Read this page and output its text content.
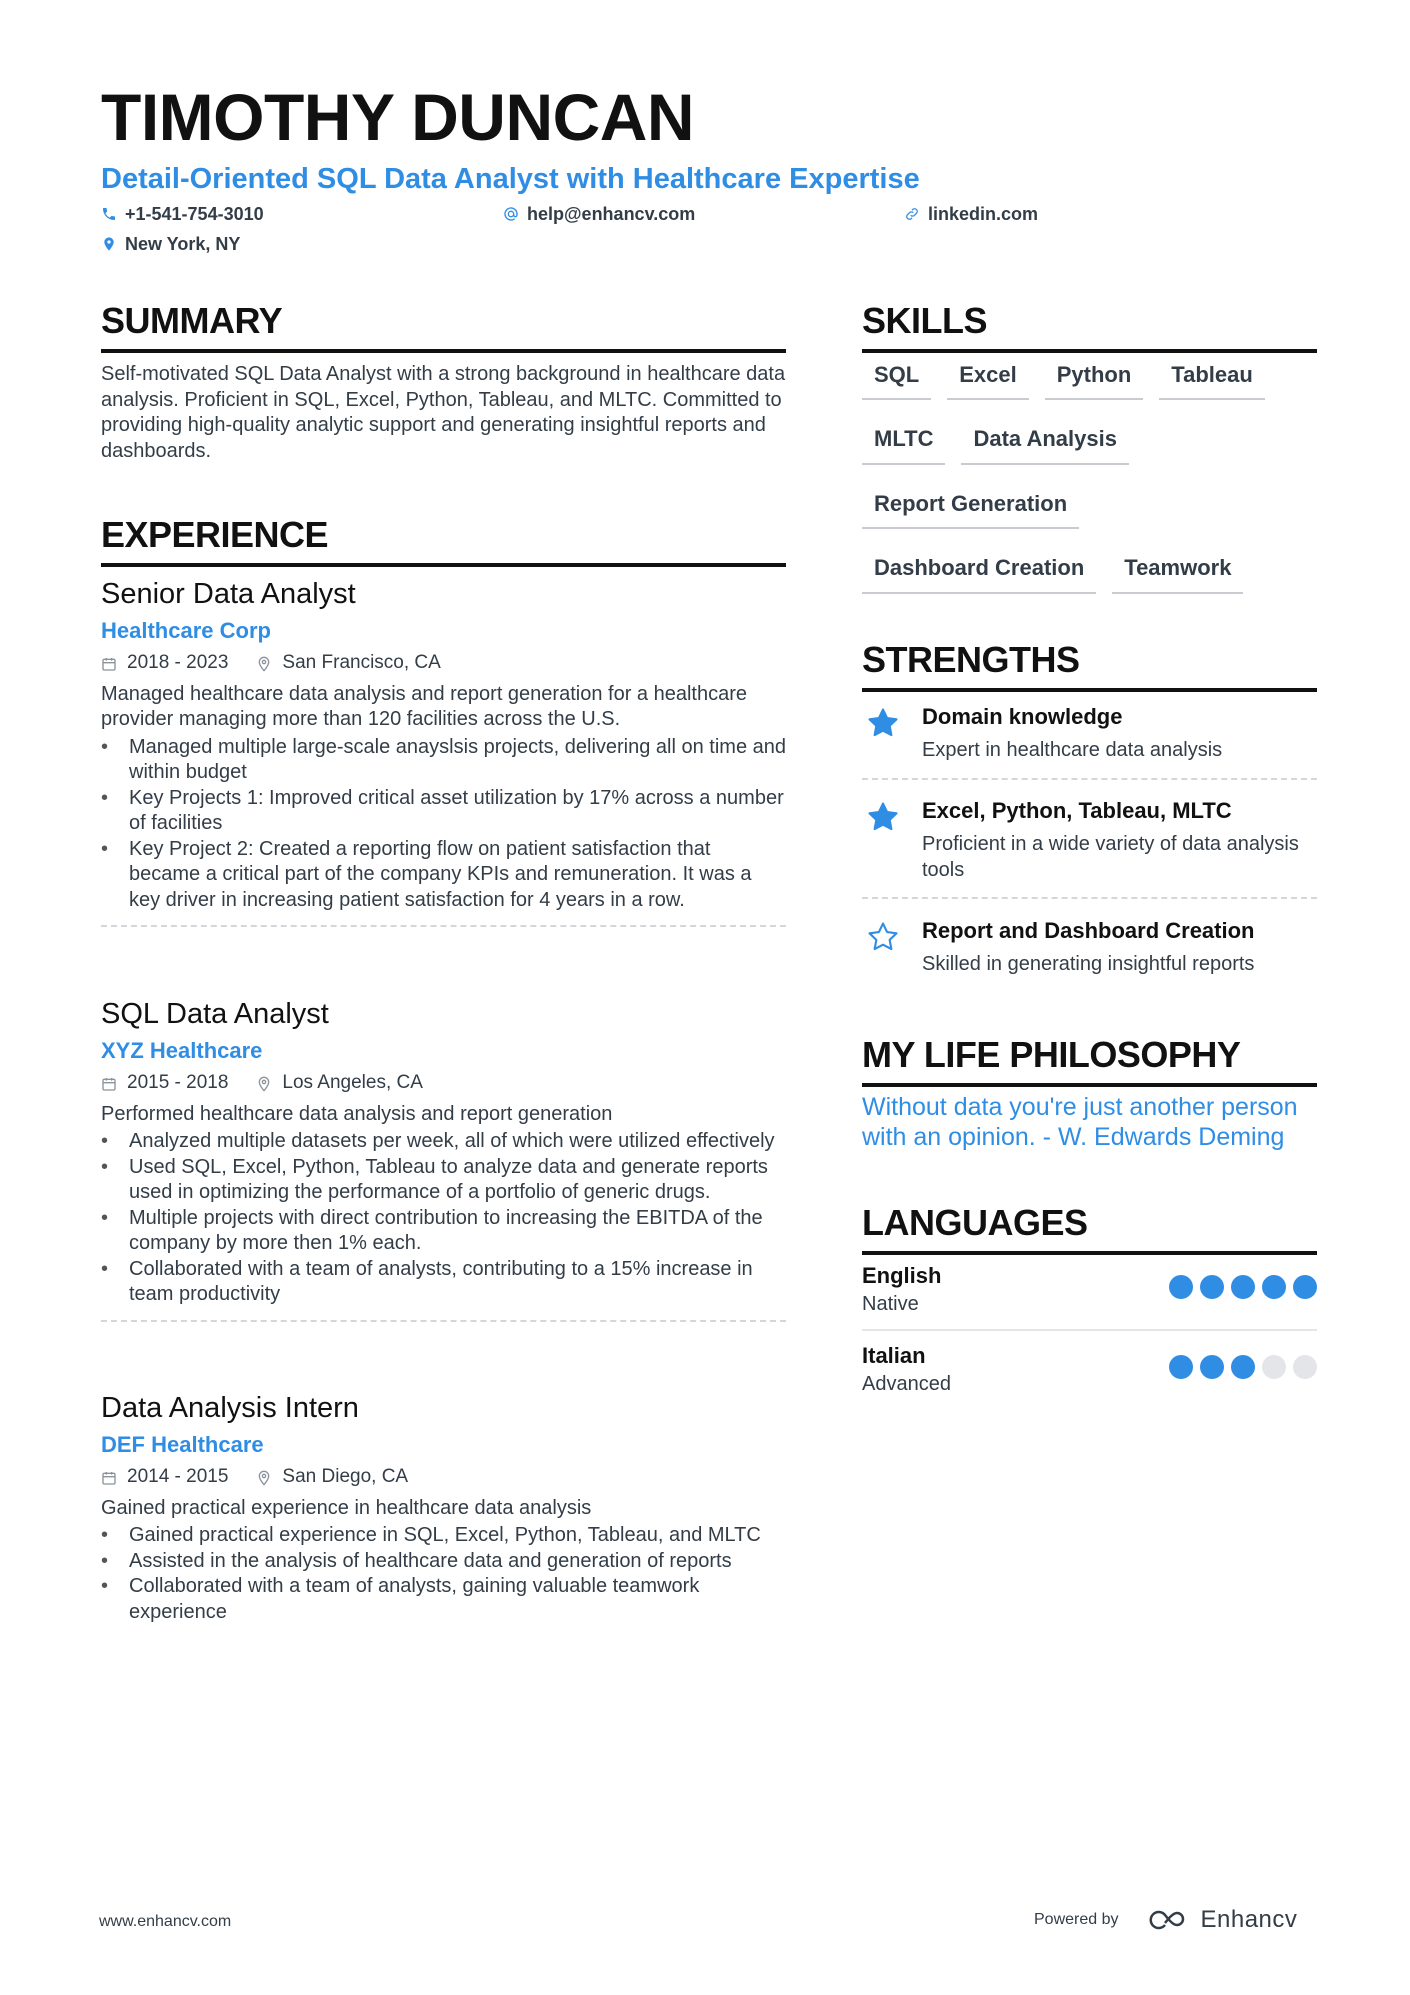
TIMOTHY DUNCAN
Detail-Oriented SQL Data Analyst with Healthcare Expertise
+1-541-754-3010	help@enhancv.com	linkedin.com
New York, NY
SUMMARY
Self-motivated SQL Data Analyst with a strong background in healthcare data analysis. Proficient in SQL, Excel, Python, Tableau, and MLTC. Committed to providing high-quality analytic support and generating insightful reports and dashboards.
EXPERIENCE
Senior Data Analyst
Healthcare Corp
2018 - 2023	San Francisco, CA
Managed healthcare data analysis and report generation for a healthcare provider managing more than 120 facilities across the U.S.
• Managed multiple large-scale anayslsis projects, delivering all on time and within budget
• Key Projects 1: Improved critical asset utilization by 17% across a number of facilities
• Key Project 2: Created a reporting flow on patient satisfaction that became a critical part of the company KPIs and remuneration. It was a key driver in increasing patient satisfaction for 4 years in a row.
SQL Data Analyst
XYZ Healthcare
2015 - 2018	Los Angeles, CA
Performed healthcare data analysis and report generation
• Analyzed multiple datasets per week, all of which were utilized effectively
• Used SQL, Excel, Python, Tableau to analyze data and generate reports used in optimizing the performance of a portfolio of generic drugs.
• Multiple projects with direct contribution to increasing the EBITDA of the company by more then 1% each.
• Collaborated with a team of analysts, contributing to a 15% increase in team productivity
Data Analysis Intern
DEF Healthcare
2014 - 2015	San Diego, CA
Gained practical experience in healthcare data analysis
• Gained practical experience in SQL, Excel, Python, Tableau, and MLTC
• Assisted in the analysis of healthcare data and generation of reports
• Collaborated with a team of analysts, gaining valuable teamwork experience
SKILLS
SQL	Excel	Python	Tableau
MLTC	Data Analysis
Report Generation
Dashboard Creation	Teamwork
STRENGTHS
Domain knowledge
Expert in healthcare data analysis
Excel, Python, Tableau, MLTC
Proficient in a wide variety of data analysis tools
Report and Dashboard Creation
Skilled in generating insightful reports
MY LIFE PHILOSOPHY
Without data you're just another person with an opinion. - W. Edwards Deming
LANGUAGES
English
Native
Italian
Advanced
www.enhancv.com	Powered by	Enhancv
